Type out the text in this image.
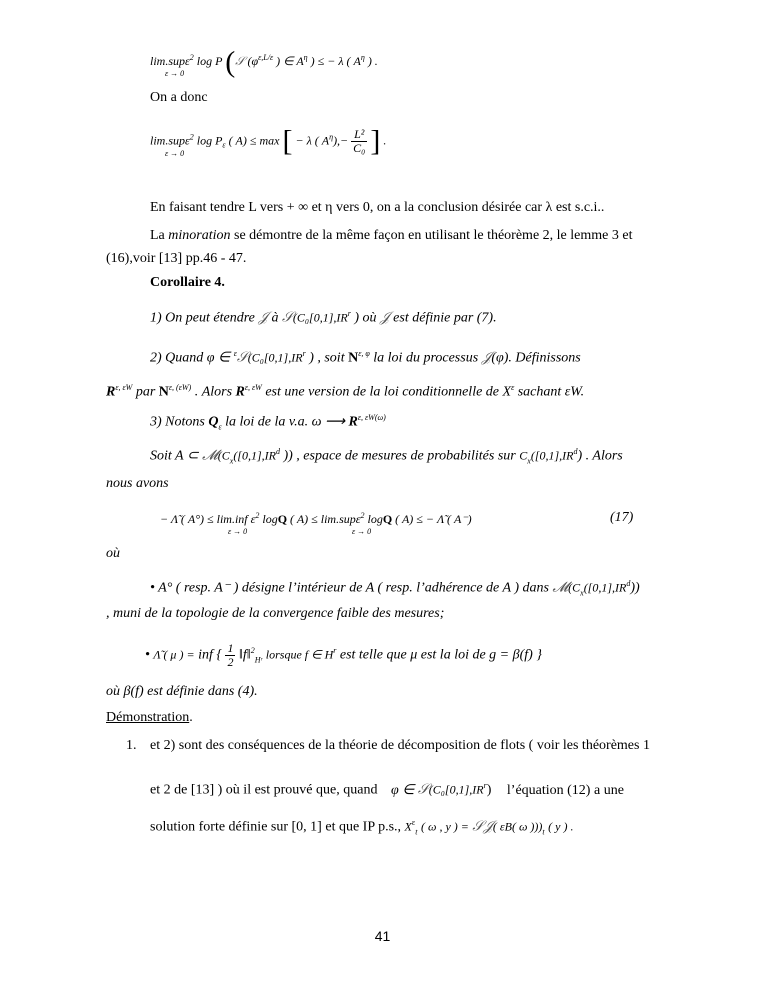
lim.supε$^2$ log P (𝒮 ($\varphi^{\varepsilon,L/\varepsilon}$ ) ∈ $A^\eta$ ) ≤ − λ ( $A^\eta$ ) .
ε → 0
On a donc
lim.supε$^2$ $\log P_\varepsilon$ ( A) ≤ max [ − λ ( $A^\eta),- \frac{\text{L²}}{\text{C₀}}$ ] .
ε → 0
En faisant tendre L vers + ∞ et η vers 0, on a la conclusion désirée car λ est s.c.i..
La minoration se démontre de la même façon en utilisant le théorème 2, le lemme 3 et
(16),voir [13] pp.46 - 47.
Corollaire 4.
1) On peut étendre 𝒥 à $𝒮(C_0[0,1],IR^r$ ) où 𝒥 est définie par (7).
2) Quand φ ∈ $^\varepsilon 𝒮(C_0[0,1],IR^r$ ) , soit $N^{\varepsilon, \varphi}$ la loi du processus 𝒥(φ). Définissons
$R^{\varepsilon, \varepsilon W}$ par $N^{\varepsilon, (\varepsilon W)}$ . Alors $R^{\varepsilon, \varepsilon W}$ est une version de la loi conditionnelle de $X^\varepsilon$ sachant εW.
3) Notons $Q_\varepsilon$ la loi de la v.a. ω ⟶ $R^{\varepsilon, \varepsilon W(\omega)}$
Soit A ⊂ $𝓜(C_x([0,1],IR^d$ )) , espace de mesures de probabilités sur $C_x([0,1],IR^d)$ . Alors
nous avons
− Λ̃ ( A°) ≤ lim.inf $\varepsilon^2$ logQ ( A) ≤ lim.supε$^2$ logQ ( A) ≤ − Λ̃ ( A⁻)
ε → 0	ε → 0
(17)
où
• A° ( resp. A⁻ ) désigne l’intérieur de A ( resp. l’adhérence de A ) dans $𝓜(C_x([0,1],IR^d))$
, muni de la topologie de la convergence faible des mesures;
• Λ̃ ( μ ) = inf { $\frac{1}{2}$ ‖f‖$^2_{Hʳ}$ lorsque f ∈ $H^r$ est telle que μ est la loi de g = β(f) }
où β(f) est définie dans (4).
Démonstration.
1. et 2) sont des conséquences de la théorie de décomposition de flots ( voir les théorèmes 1
et 2 de [13] ) où il est prouvé que, quand φ ∈ $𝒮(C_0[0,1],IR^r)$ l’équation (12) a une
solution forte définie sur [0, 1] et que IP p.s., $X^\varepsilon_t$ ( ω , y ) = 𝒮𝒥( εB( ω )))$_t$ ( y ) .
41
